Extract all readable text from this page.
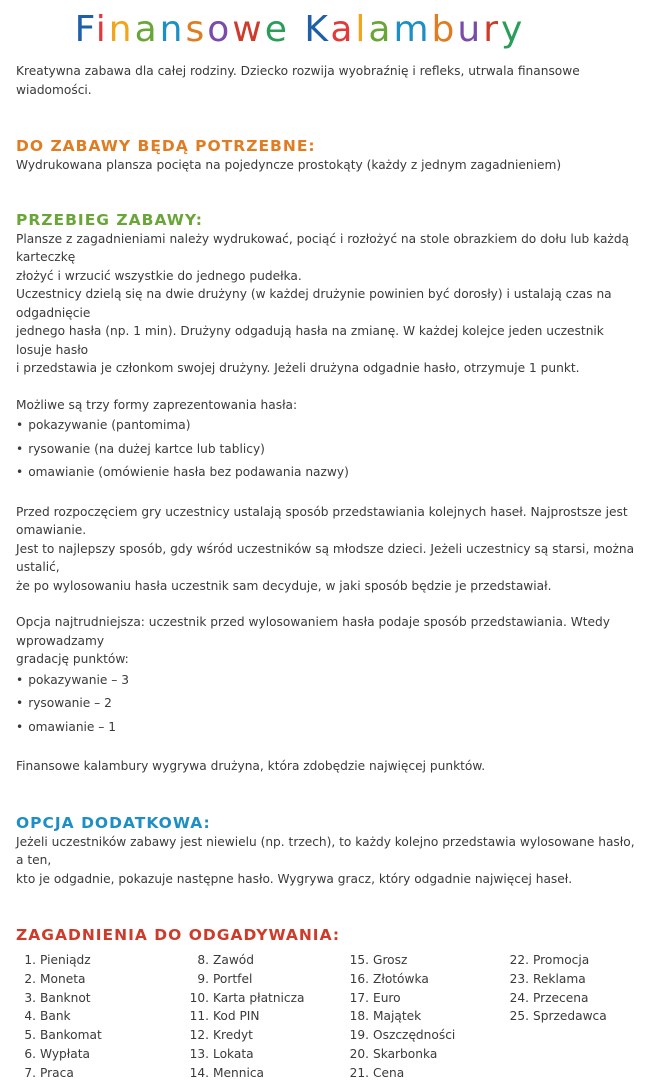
Finansowe Kalambury

Kreatywna zabawa dla całej rodziny. Dziecko rozwija wyobraźnię i refleks, utrwala finansowe wiadomości.

DO ZABAWY BĘDĄ POTRZEBNE:

Wydrukowana plansza pocięta na pojedyncze prostokąty (każdy z jednym zagadnieniem)

PRZEBIEG ZABAWY:

Plansze z zagadnieniami należy wydrukować, pociąć i rozłożyć na stole obrazkiem do dołu lub każdą karteczkę

złożyć i wrzucić wszystkie do jednego pudełka.

Uczestnicy dzielą się na dwie drużyny (w każdej drużynie powinien być dorosły) i ustalają czas na odgadnięcie

jednego hasła (np. 1 min). Drużyny odgadują hasła na zmianę. W każdej kolejce jeden uczestnik losuje hasło

i przedstawia je członkom swojej drużyny. Jeżeli drużyna odgadnie hasło, otrzymuje 1 punkt.

Możliwe są trzy formy zaprezentowania hasła:

• pokazywanie (pantomima)
• rysowanie (na dużej kartce lub tablicy)
• omawianie (omówienie hasła bez podawania nazwy)

Przed rozpoczęciem gry uczestnicy ustalają sposób przedstawiania kolejnych haseł. Najprostsze jest omawianie.

Jest to najlepszy sposób, gdy wśród uczestników są młodsze dzieci. Jeżeli uczestnicy są starsi, można ustalić,

że po wylosowaniu hasła uczestnik sam decyduje, w jaki sposób będzie je przedstawiał.

Opcja najtrudniejsza: uczestnik przed wylosowaniem hasła podaje sposób przedstawiania. Wtedy wprowadzamy

gradację punktów:

• pokazywanie – 3
• rysowanie – 2
• omawianie – 1

Finansowe kalambury wygrywa drużyna, która zdobędzie najwięcej punktów.

OPCJA DODATKOWA:

Jeżeli uczestników zabawy jest niewielu (np. trzech), to każdy kolejno przedstawia wylosowane hasło, a ten,

kto je odgadnie, pokazuje następne hasło. Wygrywa gracz, który odgadnie najwięcej haseł.

ZAGADNIENIA DO ODGADYWANIA:
1. Pieniądz
2. Moneta
3. Banknot
4. Bank
5. Bankomat
6. Wypłata
7. Praca
8. Zawód
9. Portfel
10. Karta płatnicza
11. Kod PIN
12. Kredyt
13. Lokata
14. Mennica
15. Grosz
16. Złotówka
17. Euro
18. Majątek
19. Oszczędności
20. Skarbonka
21. Cena
22. Promocja
23. Reklama
24. Przecena
25. Sprzedawca
